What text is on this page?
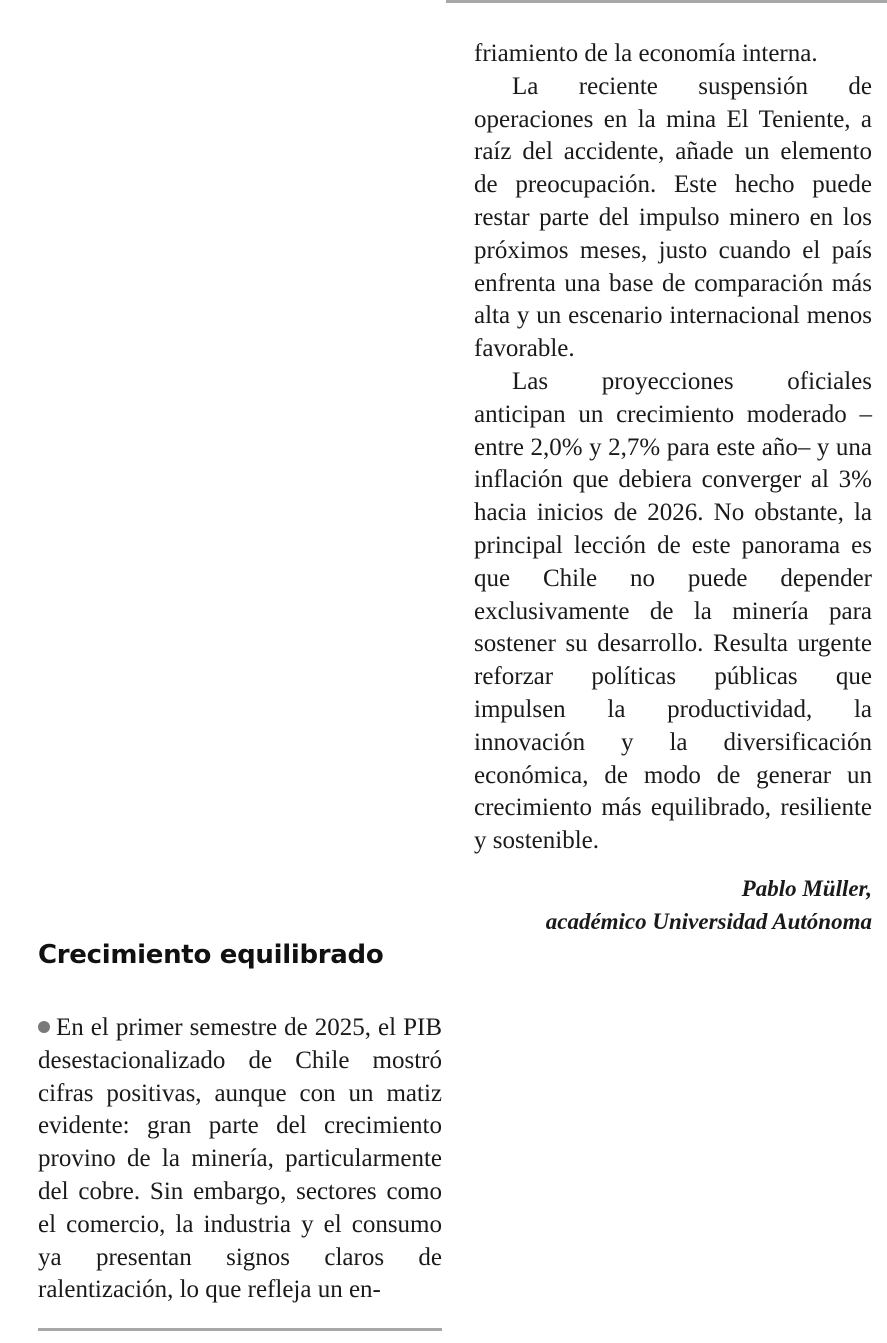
friamiento de la economía interna.

La reciente suspensión de operaciones en la mina El Teniente, a raíz del accidente, añade un elemento de preocupación. Este hecho puede restar parte del impulso minero en los próximos meses, justo cuando el país enfrenta una base de comparación más alta y un escenario internacional menos favorable.

Las proyecciones oficiales anticipan un crecimiento moderado –entre 2,0% y 2,7% para este año– y una inflación que debiera converger al 3% hacia inicios de 2026. No obstante, la principal lección de este panorama es que Chile no puede depender exclusivamente de la minería para sostener su desarrollo. Resulta urgente reforzar políticas públicas que impulsen la productividad, la innovación y la diversificación económica, de modo de generar un crecimiento más equilibrado, resiliente y sostenible.

Pablo Müller,
académico Universidad Autónoma
Crecimiento equilibrado

En el primer semestre de 2025, el PIB desestacionalizado de Chile mostró cifras positivas, aunque con un matiz evidente: gran parte del crecimiento provino de la minería, particularmente del cobre. Sin embargo, sectores como el comercio, la industria y el consumo ya presentan signos claros de ralentización, lo que refleja un en-
